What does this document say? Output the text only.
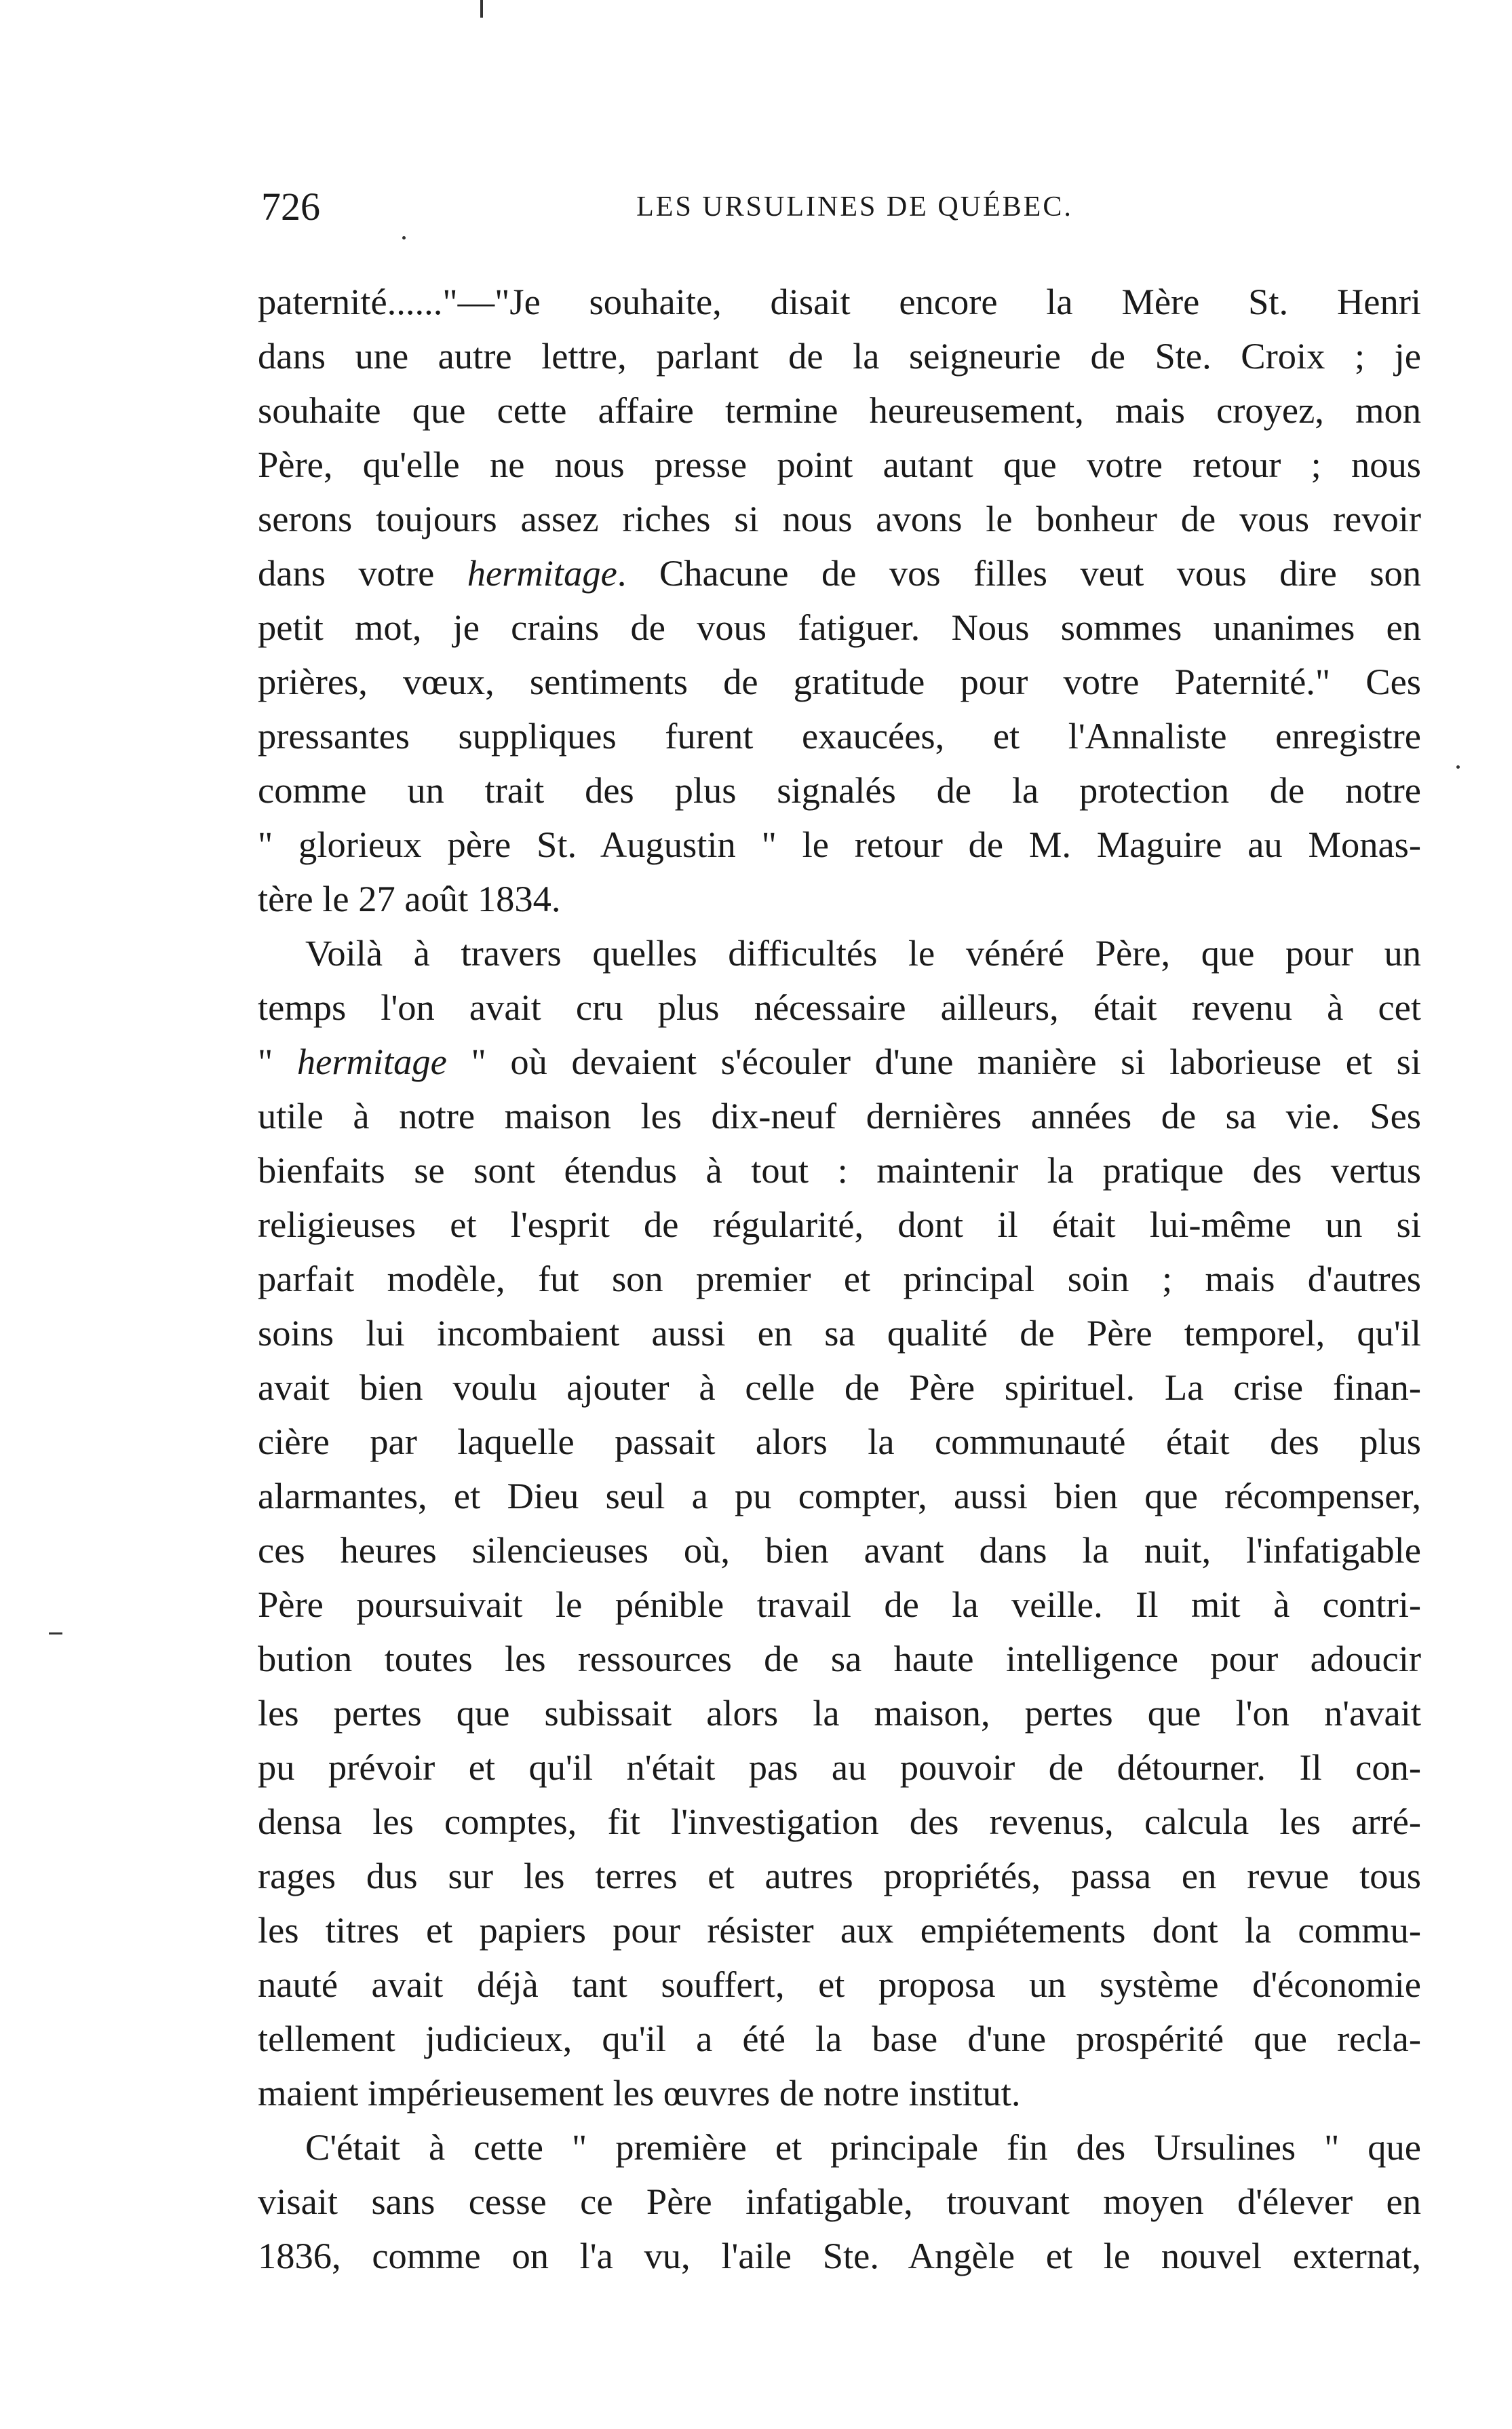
726	LES URSULINES DE QUÉBEC.
paternité......"—"Je souhaite, disait encore la Mère St. Henri
dans une autre lettre, parlant de la seigneurie de Ste. Croix ; je
souhaite que cette affaire termine heureusement, mais croyez, mon
Père, qu'elle ne nous presse point autant que votre retour ; nous
serons toujours assez riches si nous avons le bonheur de vous revoir
dans votre hermitage. Chacune de vos filles veut vous dire son
petit mot, je crains de vous fatiguer. Nous sommes unanimes en
prières, vœux, sentiments de gratitude pour votre Paternité." Ces
pressantes suppliques furent exaucées, et l'Annaliste enregistre
comme un trait des plus signalés de la protection de notre
" glorieux père St. Augustin " le retour de M. Maguire au Monas-
tère le 27 août 1834.
Voilà à travers quelles difficultés le vénéré Père, que pour un
temps l'on avait cru plus nécessaire ailleurs, était revenu à cet
" hermitage " où devaient s'écouler d'une manière si laborieuse et si
utile à notre maison les dix-neuf dernières années de sa vie. Ses
bienfaits se sont étendus à tout : maintenir la pratique des vertus
religieuses et l'esprit de régularité, dont il était lui-même un si
parfait modèle, fut son premier et principal soin ; mais d'autres
soins lui incombaient aussi en sa qualité de Père temporel, qu'il
avait bien voulu ajouter à celle de Père spirituel. La crise finan-
cière par laquelle passait alors la communauté était des plus
alarmantes, et Dieu seul a pu compter, aussi bien que récompenser,
ces heures silencieuses où, bien avant dans la nuit, l'infatigable
Père poursuivait le pénible travail de la veille. Il mit à contri-
bution toutes les ressources de sa haute intelligence pour adoucir
les pertes que subissait alors la maison, pertes que l'on n'avait
pu prévoir et qu'il n'était pas au pouvoir de détourner. Il con-
densa les comptes, fit l'investigation des revenus, calcula les arré-
rages dus sur les terres et autres propriétés, passa en revue tous
les titres et papiers pour résister aux empiétements dont la commu-
nauté avait déjà tant souffert, et proposa un système d'économie
tellement judicieux, qu'il a été la base d'une prospérité que recla-
maient impérieusement les œuvres de notre institut.
C'était à cette " première et principale fin des Ursulines " que
visait sans cesse ce Père infatigable, trouvant moyen d'élever en
1836, comme on l'a vu, l'aile Ste. Angèle et le nouvel externat,
